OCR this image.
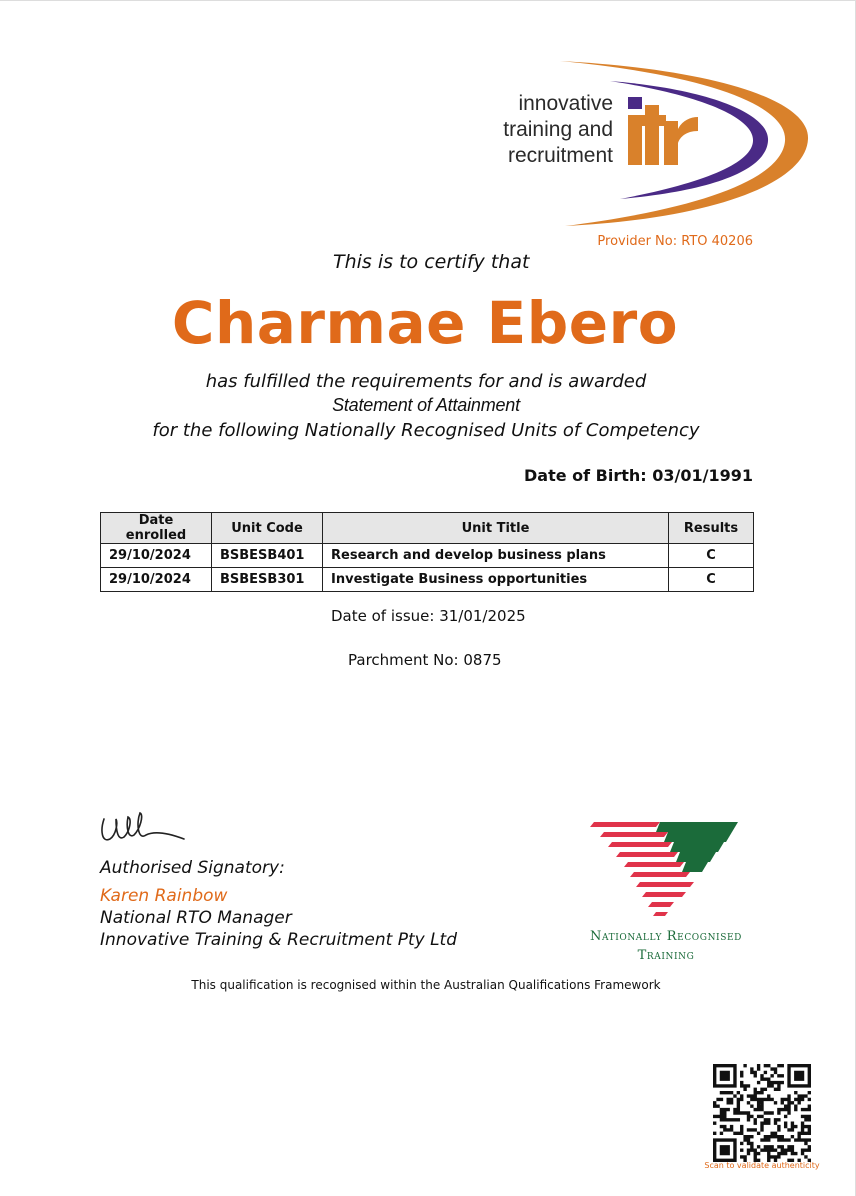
innovative
training and
recruitment
Provider No: RTO 40206
This is to certify that
Charmae Ebero
has fulfilled the requirements for and is awarded
Statement of Attainment
for the following Nationally Recognised Units of Competency
Date of Birth: 03/01/1991
Date enrolled	Unit Code	Unit Title	Results
29/10/2024	BSBESB401	Research and develop business plans	C
29/10/2024	BSBESB301	Investigate Business opportunities	C
Date of issue: 31/01/2025
Parchment No: 0875
Authorised Signatory:
Karen Rainbow
National RTO Manager
Innovative Training & Recruitment Pty Ltd	Nationally Recognised
Training
This qualification is recognised within the Australian Qualifications Framework
Scan to validate authenticity
